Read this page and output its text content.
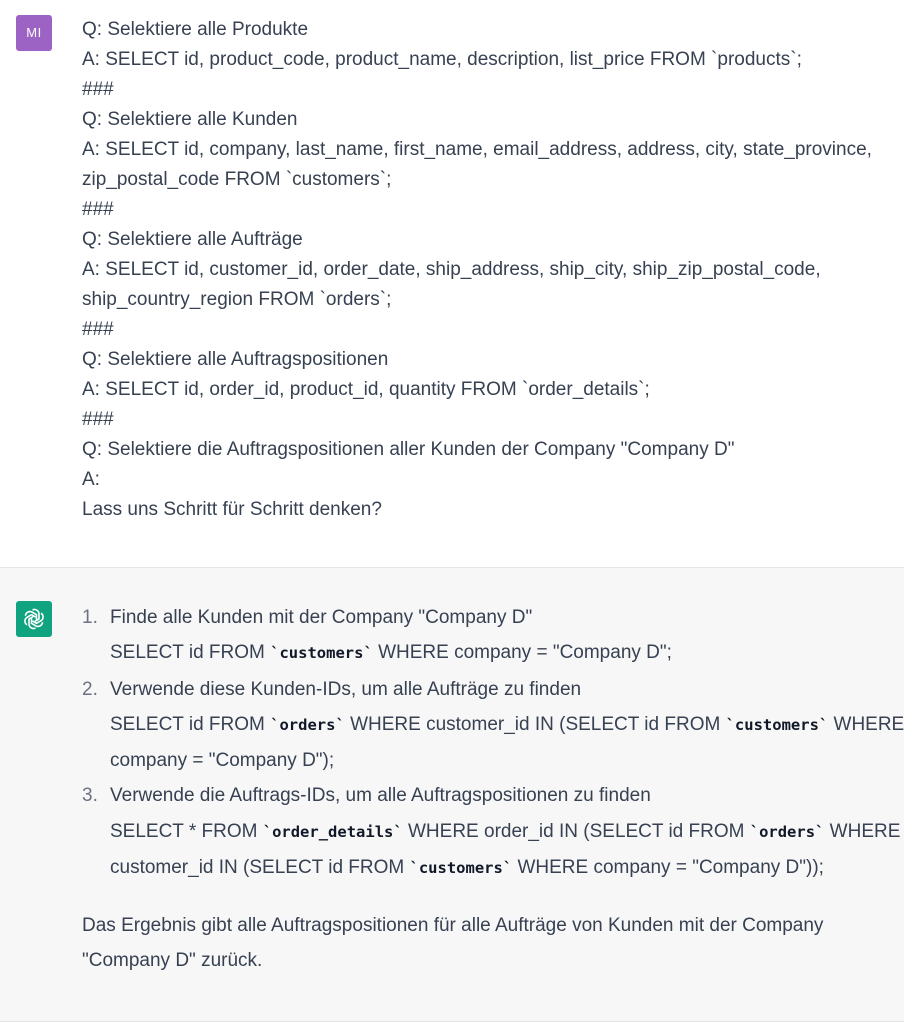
MI	Q: Selektiere alle Produkte
A: SELECT id, product_code, product_name, description, list_price FROM `products`;
###
Q: Selektiere alle Kunden
A: SELECT id, company, last_name, first_name, email_address, address, city, state_province,
zip_postal_code FROM `customers`;
###
Q: Selektiere alle Aufträge
A: SELECT id, customer_id, order_date, ship_address, ship_city, ship_zip_postal_code,
ship_country_region FROM `orders`;
###
Q: Selektiere alle Auftragspositionen
A: SELECT id, order_id, product_id, quantity FROM `order_details`;
###
Q: Selektiere die Auftragspositionen aller Kunden der Company "Company D"
A:
Lass uns Schritt für Schritt denken?
1. Finde alle Kunden mit der Company "Company D"
SELECT id FROM `customers` WHERE company = "Company D";
2. Verwende diese Kunden-IDs, um alle Aufträge zu finden
SELECT id FROM `orders` WHERE customer_id IN (SELECT id FROM `customers` WHERE
company = "Company D");
3. Verwende die Auftrags-IDs, um alle Auftragspositionen zu finden
SELECT * FROM `order_details` WHERE order_id IN (SELECT id FROM `orders` WHERE
customer_id IN (SELECT id FROM `customers` WHERE company = "Company D"));
Das Ergebnis gibt alle Auftragspositionen für alle Aufträge von Kunden mit der Company
"Company D" zurück.
